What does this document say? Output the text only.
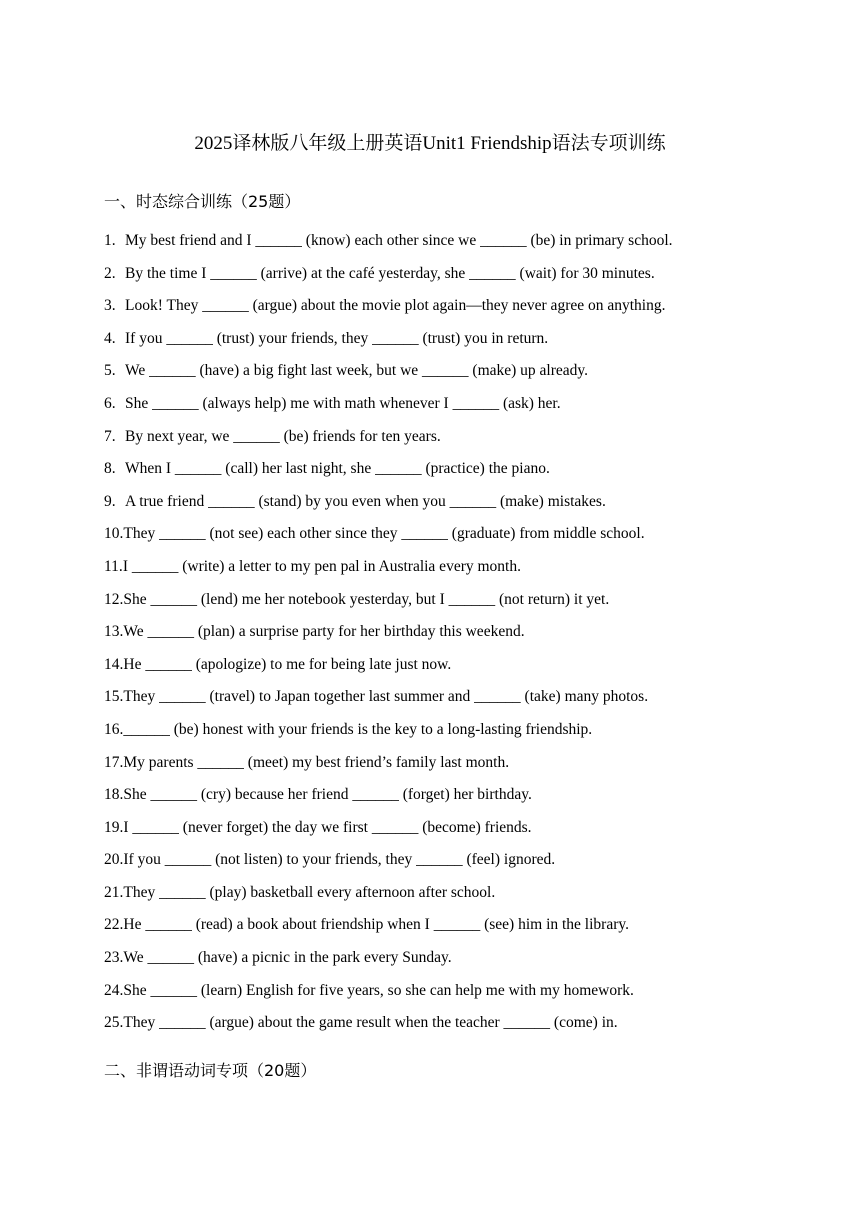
2025译林版八年级上册英语Unit1 Friendship语法专项训练
一、时态综合训练（25题）
1. My best friend and I ______ (know) each other since we ______ (be) in primary school.
2. By the time I ______ (arrive) at the café yesterday, she ______ (wait) for 30 minutes.
3. Look! They ______ (argue) about the movie plot again—they never agree on anything.
4. If you ______ (trust) your friends, they ______ (trust) you in return.
5. We ______ (have) a big fight last week, but we ______ (make) up already.
6. She ______ (always help) me with math whenever I ______ (ask) her.
7. By next year, we ______ (be) friends for ten years.
8. When I ______ (call) her last night, she ______ (practice) the piano.
9. A true friend ______ (stand) by you even when you ______ (make) mistakes.
10. They ______ (not see) each other since they ______ (graduate) from middle school.
11. I ______ (write) a letter to my pen pal in Australia every month.
12. She ______ (lend) me her notebook yesterday, but I ______ (not return) it yet.
13. We ______ (plan) a surprise party for her birthday this weekend.
14. He ______ (apologize) to me for being late just now.
15. They ______ (travel) to Japan together last summer and ______ (take) many photos.
16. ______ (be) honest with your friends is the key to a long-lasting friendship.
17. My parents ______ (meet) my best friend’s family last month.
18. She ______ (cry) because her friend ______ (forget) her birthday.
19. I ______ (never forget) the day we first ______ (become) friends.
20. If you ______ (not listen) to your friends, they ______ (feel) ignored.
21. They ______ (play) basketball every afternoon after school.
22. He ______ (read) a book about friendship when I ______ (see) him in the library.
23. We ______ (have) a picnic in the park every Sunday.
24. She ______ (learn) English for five years, so she can help me with my homework.
25. They ______ (argue) about the game result when the teacher ______ (come) in.
二、非谓语动词专项（20题）
